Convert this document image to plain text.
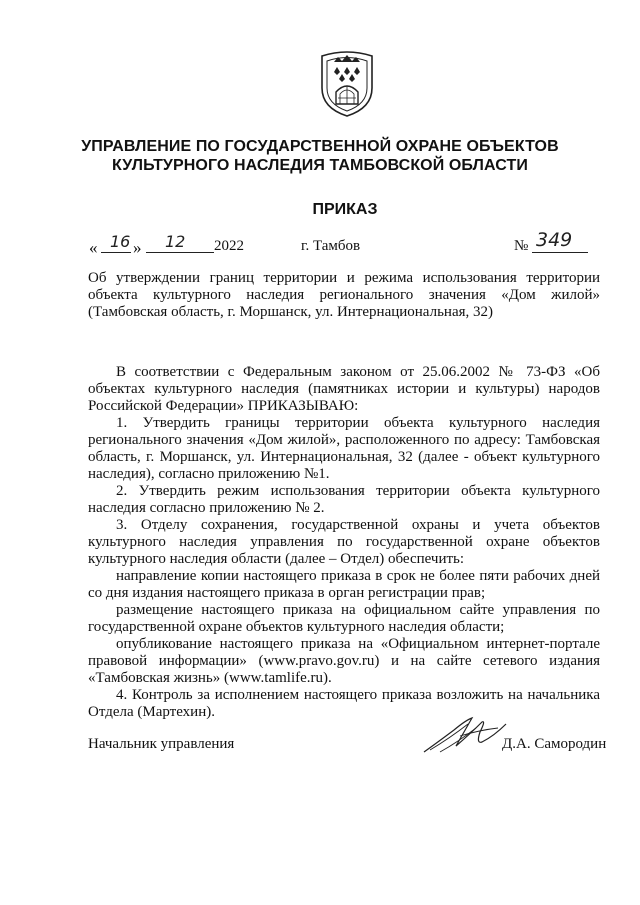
УПРАВЛЕНИЕ ПО ГОСУДАРСТВЕННОЙ ОХРАНЕ ОБЪЕКТОВ
КУЛЬТУРНОГО НАСЛЕДИЯ ТАМБОВСКОЙ ОБЛАСТИ
ПРИКАЗ
« 16 » 12 2022	г. Тамбов	№ 349
Об утверждении границ территории и режима использования территории
объекта культурного наследия регионального значения «Дом жилой»
(Тамбовская область, г. Моршанск, ул. Интернациональная, 32)
В соответствии с Федеральным законом от 25.06.2002 № 73-ФЗ «Об объектах культурного наследия (памятниках истории и культуры) народов Российской Федерации» ПРИКАЗЫВАЮ:
1. Утвердить границы территории объекта культурного наследия регионального значения «Дом жилой», расположенного по адресу: Тамбовская область, г. Моршанск, ул. Интернациональная, 32 (далее - объект культурного наследия), согласно приложению №1.
2. Утвердить режим использования территории объекта культурного наследия согласно приложению № 2.
3. Отделу сохранения, государственной охраны и учета объектов культурного наследия управления по государственной охране объектов культурного наследия области (далее – Отдел) обеспечить:
направление копии настоящего приказа в срок не более пяти рабочих дней со дня издания настоящего приказа в орган регистрации прав;
размещение настоящего приказа на официальном сайте управления по государственной охране объектов культурного наследия области;
опубликование настоящего приказа на «Официальном интернет-портале правовой информации» (www.pravo.gov.ru) и на сайте сетевого издания «Тамбовская жизнь» (www.tamlife.ru).
4. Контроль за исполнением настоящего приказа возложить на начальника Отдела (Мартехин).
Начальник управления	Д.А. Самородин
